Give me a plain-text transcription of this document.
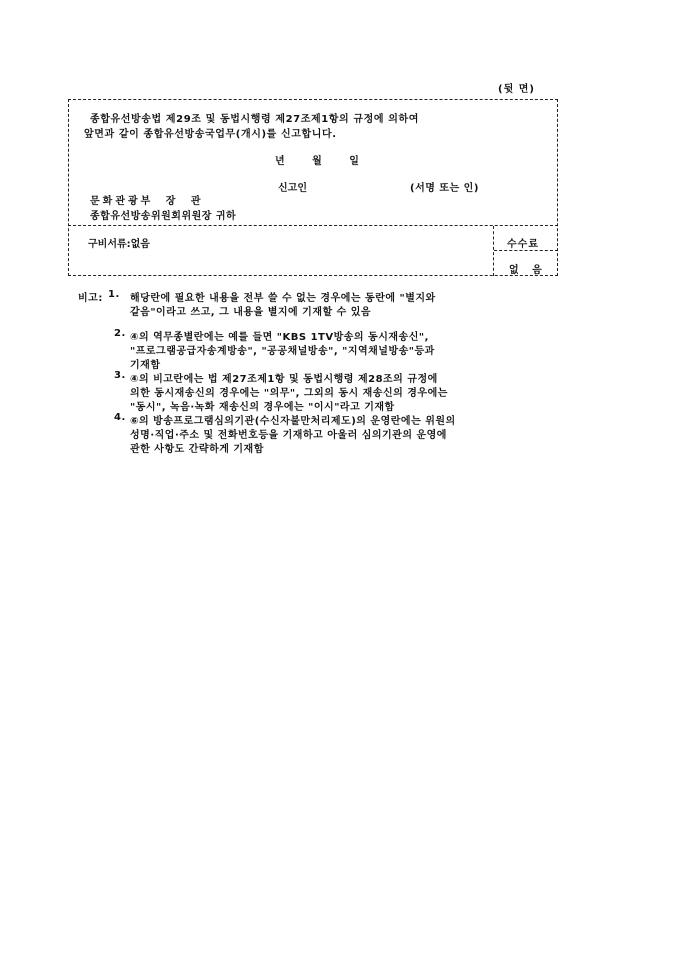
(뒷 면)
종합유선방송법 제29조 및 동법시행령 제27조제1항의 규정에 의하여
앞면과 같이 종합유선방송국업무(개시)를 신고합니다.
년 월 일
신고인	(서명 또는 인)
문화관광부 장 관
종합유선방송위원회위원장 귀하
구비서류:없음	수수료
없 음
비고: 1. 해당란에 필요한 내용을 전부 쓸 수 없는 경우에는 동란에 "별지와
같음"이라고 쓰고, 그 내용을 별지에 기재할 수 있음
2. ④의 역무종별란에는 예를 들면 "KBS 1TV방송의 동시재송신",
"프로그램공급자송계방송", "공공채널방송", "지역채널방송"등과
기재함
3. ④의 비고란에는 법 제27조제1항 및 동법시행령 제28조의 규정에
의한 동시재송신의 경우에는 "의무", 그외의 동시 재송신의 경우에는
"동시", 녹음·녹화 재송신의 경우에는 "이시"라고 기재함
4. ⑥의 방송프로그램심의기관(수신자불만처리제도)의 운영란에는 위원의
성명·직업·주소 및 전화번호등을 기재하고 아울러 심의기관의 운영에
관한 사항도 간략하게 기재함
